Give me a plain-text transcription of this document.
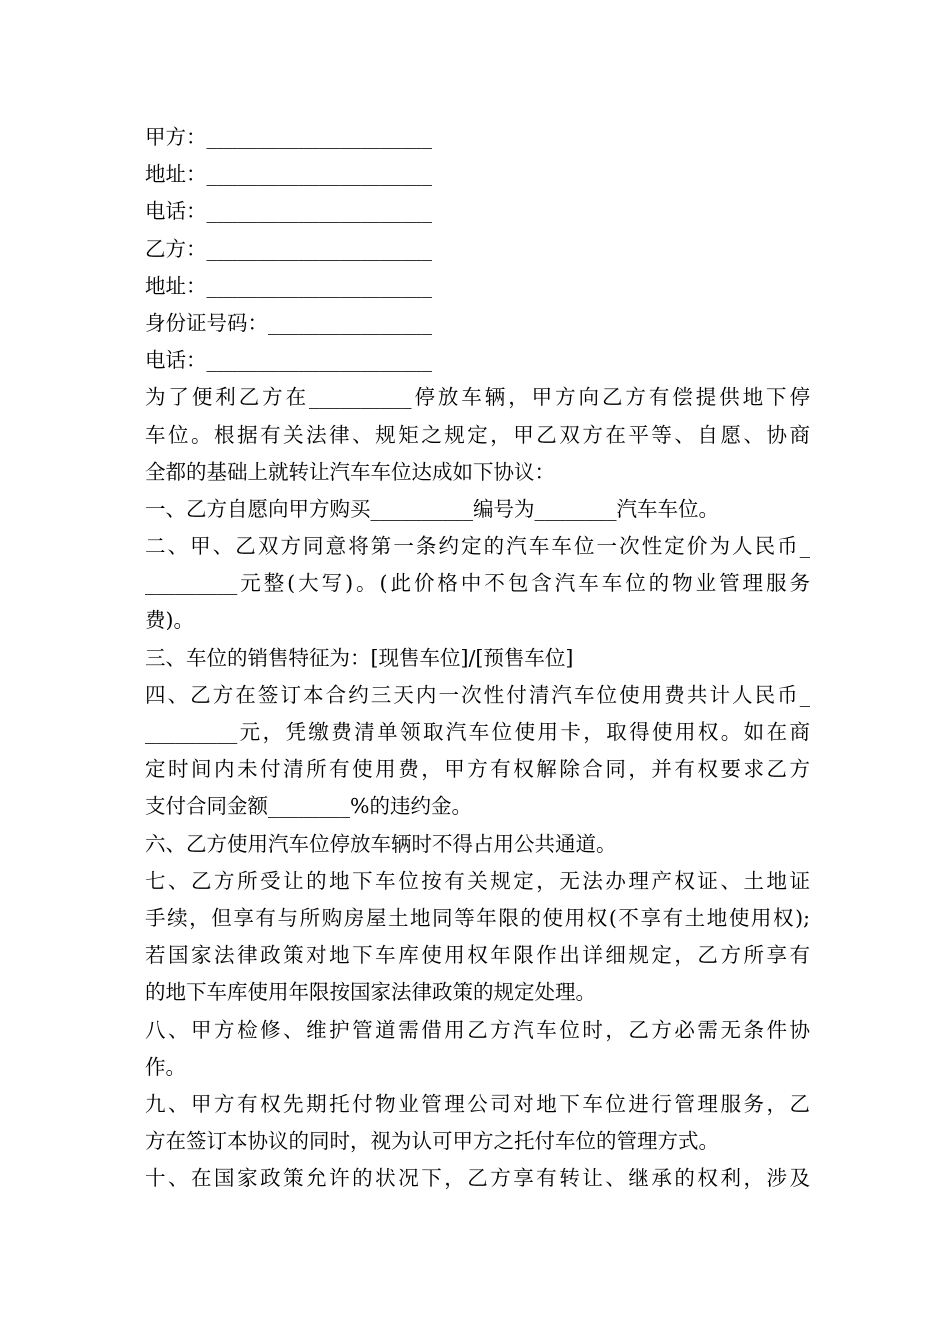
甲方：______________________
地址：______________________
电话：______________________
乙方：______________________
地址：______________________
身份证号码：________________
电话：______________________
为了便利乙方在__________停放车辆，甲方向乙方有偿提供地下停
车位。根据有关法律、规矩之规定，甲乙双方在平等、自愿、协商
全都的基础上就转让汽车车位达成如下协议：
一、乙方自愿向甲方购买__________编号为________汽车车位。
二、甲、乙双方同意将第一条约定的汽车车位一次性定价为人民币_
_________元整(大写)。(此价格中不包含汽车车位的物业管理服务
费)。
三、车位的销售特征为：[现售车位]/[预售车位]
四、乙方在签订本合约三天内一次性付清汽车位使用费共计人民币_
_________元，凭缴费清单领取汽车位使用卡，取得使用权。如在商
定时间内未付清所有使用费，甲方有权解除合同，并有权要求乙方
支付合同金额________%的违约金。
六、乙方使用汽车位停放车辆时不得占用公共通道。
七、乙方所受让的地下车位按有关规定，无法办理产权证、土地证
手续，但享有与所购房屋土地同等年限的使用权(不享有土地使用权);
若国家法律政策对地下车库使用权年限作出详细规定，乙方所享有
的地下车库使用年限按国家法律政策的规定处理。
八、甲方检修、维护管道需借用乙方汽车位时，乙方必需无条件协
作。
九、甲方有权先期托付物业管理公司对地下车位进行管理服务，乙
方在签订本协议的同时，视为认可甲方之托付车位的管理方式。
十、在国家政策允许的状况下，乙方享有转让、继承的权利，涉及
